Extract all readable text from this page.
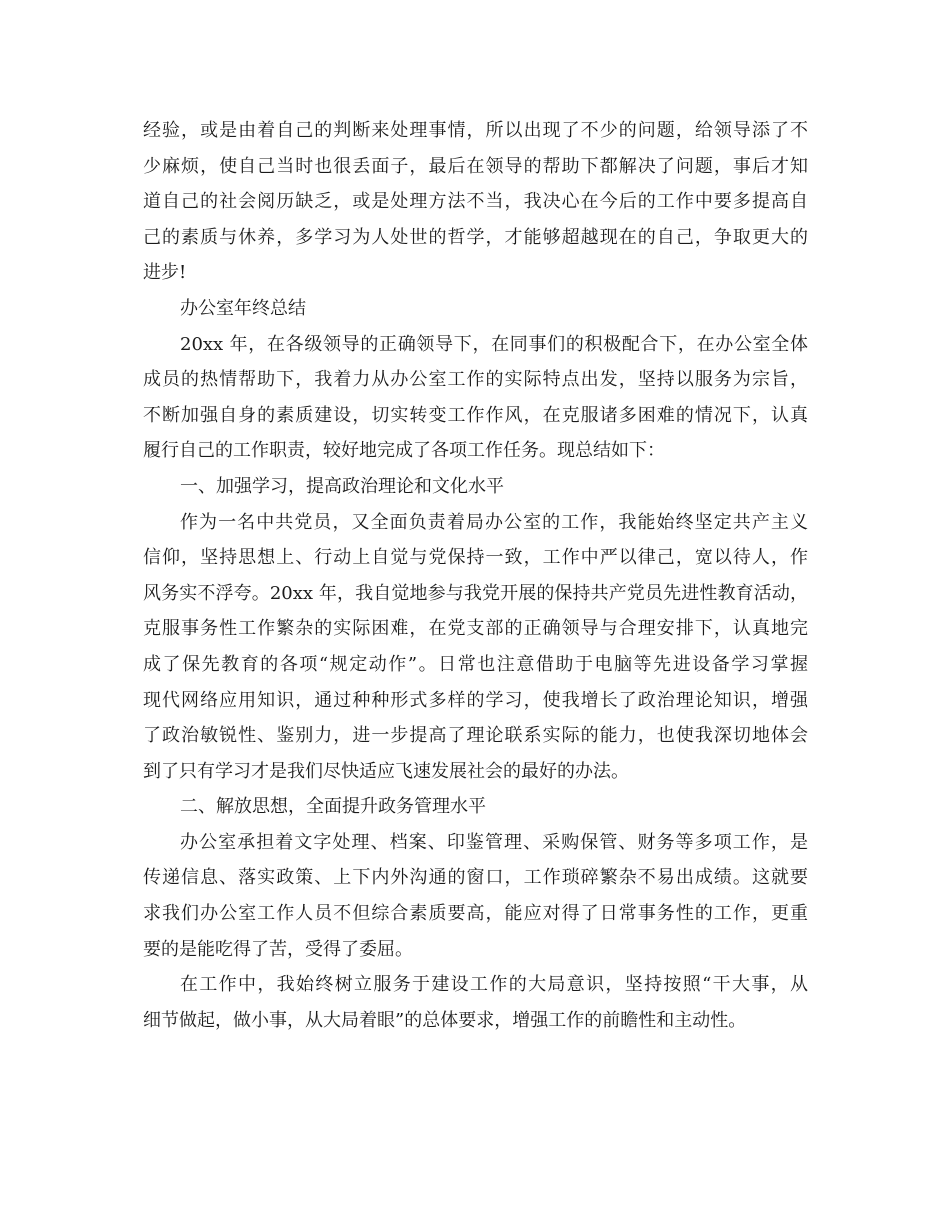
经验，或是由着自己的判断来处理事情，所以出现了不少的问题，给领导添了不
少麻烦，使自己当时也很丢面子，最后在领导的帮助下都解决了问题，事后才知
道自己的社会阅历缺乏，或是处理方法不当，我决心在今后的工作中要多提高自
己的素质与休养，多学习为人处世的哲学，才能够超越现在的自己，争取更大的
进步!
办公室年终总结
20xx 年，在各级领导的正确领导下，在同事们的积极配合下，在办公室全体
成员的热情帮助下，我着力从办公室工作的实际特点出发，坚持以服务为宗旨，
不断加强自身的素质建设，切实转变工作作风，在克服诸多困难的情况下，认真
履行自己的工作职责，较好地完成了各项工作任务。现总结如下：
一、加强学习，提高政治理论和文化水平
作为一名中共党员，又全面负责着局办公室的工作，我能始终坚定共产主义
信仰，坚持思想上、行动上自觉与党保持一致，工作中严以律己，宽以待人，作
风务实不浮夸。20xx 年，我自觉地参与我党开展的保持共产党员先进性教育活动，
克服事务性工作繁杂的实际困难，在党支部的正确领导与合理安排下，认真地完
成了保先教育的各项“规定动作”。日常也注意借助于电脑等先进设备学习掌握
现代网络应用知识，通过种种形式多样的学习，使我增长了政治理论知识，增强
了政治敏锐性、鉴别力，进一步提高了理论联系实际的能力，也使我深切地体会
到了只有学习才是我们尽快适应飞速发展社会的最好的办法。
二、解放思想，全面提升政务管理水平
办公室承担着文字处理、档案、印鉴管理、采购保管、财务等多项工作，是
传递信息、落实政策、上下内外沟通的窗口，工作琐碎繁杂不易出成绩。这就要
求我们办公室工作人员不但综合素质要高，能应对得了日常事务性的工作，更重
要的是能吃得了苦，受得了委屈。
在工作中，我始终树立服务于建设工作的大局意识，坚持按照“干大事，从
细节做起，做小事，从大局着眼”的总体要求，增强工作的前瞻性和主动性。
